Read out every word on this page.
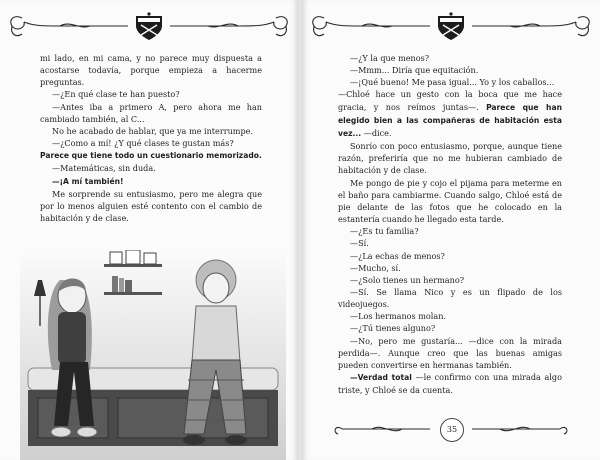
mi lado, en mi cama, y no parece muy dispuesta a acostarse todavía, porque empieza a hacerme preguntas.

—¿En qué clase te han puesto?

—Antes iba a primero A, pero ahora me han cambiado también, al C...

No he acabado de hablar, que ya me interrumpe.

—¿Como a mí! ¿Y qué clases te gustan más?

Parece que tiene todo un cuestionario memorizado.

—Matemáticas, sin duda.

—¡A mí también!

Me sorprende su entusiasmo, pero me alegra que por lo menos alguien esté contento con el cambio de habitación y de clase.

—¿Y la que menos?

—Mmm... Diría que equitación.

—¡Qué bueno! Me pasa igual... Yo y los caballos...

—Chloé hace un gesto con la boca que me hace gracia, y nos reímos juntas—. Parece que han elegido bien a las compañeras de habitación esta vez... —dice.

Sonrío con poco entusiasmo, porque, aunque tiene razón, preferiría que no me hubieran cambiado de habitación y de clase.

Me pongo de pie y cojo el pijama para meterme en el baño para cambiarme. Cuando salgo, Chloé está de pie delante de las fotos que he colocado en la estantería cuando he llegado esta tarde.

—¿Es tu familia?

—Sí.

—¿La echas de menos?

—Mucho, sí.

—¿Solo tienes un hermano?

—Sí. Se llama Nico y es un flipado de los videojuegos.

—Los hermanos molan.

—¿Tú tienes alguno?

—No, pero me gustaría... —dice con la mirada perdida—. Aunque creo que las buenas amigas pueden convertirse en hermanas también.

—Verdad total —le confirmo con una mirada algo triste, y Chloé se da cuenta.

35
